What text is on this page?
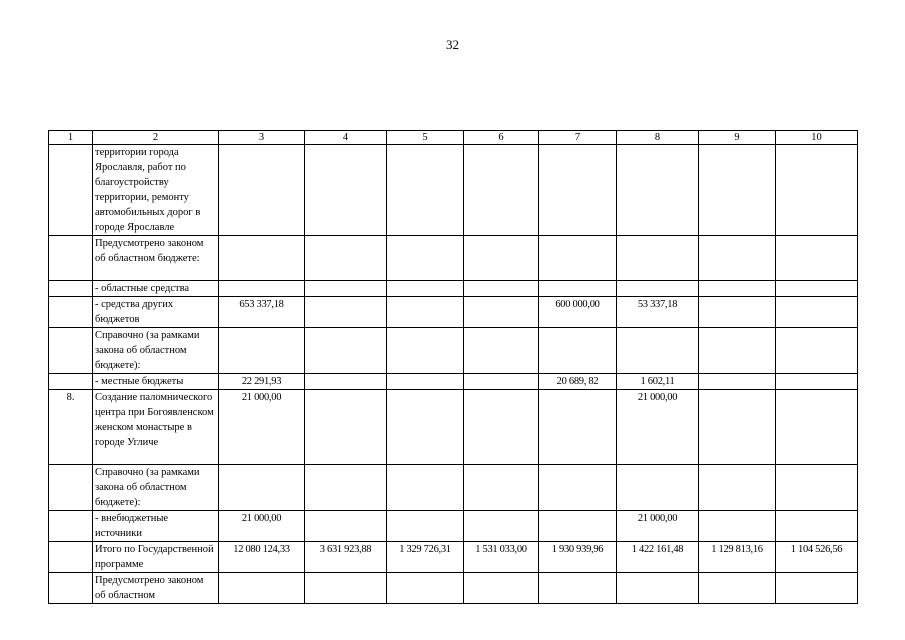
32
1	2	3	4	5	6	7	8	9	10
	территории города Ярославля, работ по благоустройству территории, ремонту автомобильных дорог в городе Ярославле								
	Предусмотрено законом об областном бюджете:								
	- областные средства								
	- средства других бюджетов	653 337,18				600 000,00	53 337,18		
	Справочно (за рамками закона об областном бюджете):								
	- местные бюджеты	22 291,93				20 689, 82	1 602,11		
8.	Создание паломнического центра при Богоявленском женском монастыре в городе Угличе	21 000,00					21 000,00		
	Справочно (за рамками закона об областном бюджете):								
	- внебюджетные источники	21 000,00					21 000,00		
	Итого по Государственной программе	12 080 124,33	3 631 923,88	1 329 726,31	1 531 033,00	1 930 939,96	1 422 161,48	1 129 813,16	1 104 526,56
	Предусмотрено законом об областном								
